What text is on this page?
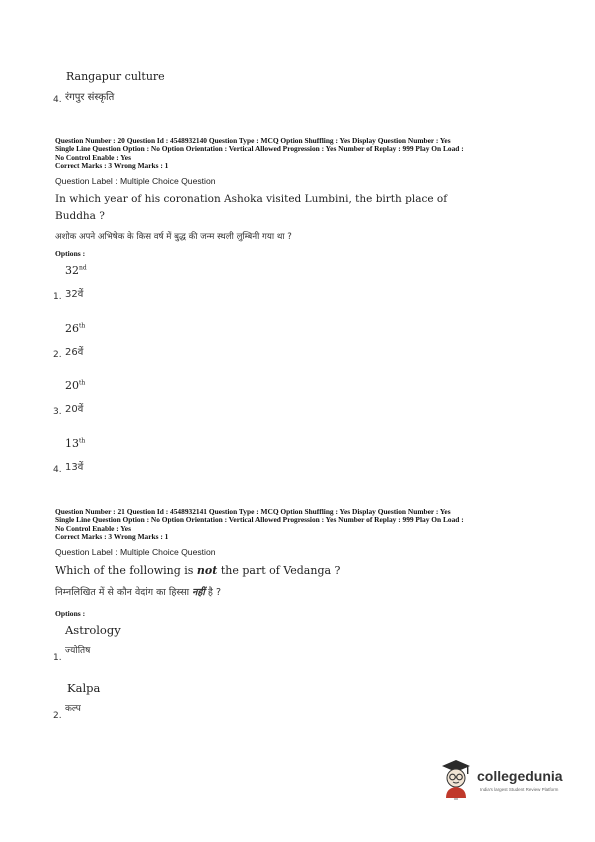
Rangapur culture
4. रंगपुर संस्कृति
Question Number : 20 Question Id : 4548932140 Question Type : MCQ Option Shuffling : Yes Display Question Number : Yes
Single Line Question Option : No Option Orientation : Vertical Allowed Progression : Yes Number of Replay : 999 Play On Load :
No Control Enable : Yes
Correct Marks : 3 Wrong Marks : 1
Question Label : Multiple Choice Question
In which year of his coronation Ashoka visited Lumbini, the birth place of
Buddha ?
अशोक अपने अभिषेक के किस वर्ष में बुद्ध की जन्म स्थली लुम्बिनी गया था ?
Options :
32nd
1. 32वें
26th
2. 26वें
20th
3. 20वें
13th
4. 13वें
Question Number : 21 Question Id : 4548932141 Question Type : MCQ Option Shuffling : Yes Display Question Number : Yes
Single Line Question Option : No Option Orientation : Vertical Allowed Progression : Yes Number of Replay : 999 Play On Load :
No Control Enable : Yes
Correct Marks : 3 Wrong Marks : 1
Question Label : Multiple Choice Question
Which of the following is not the part of Vedanga ?
निम्नलिखित में से कौन वेदांग का हिस्सा नहीं है ?
Options :
Astrology
1.
ज्योतिष
Kalpa
2.
कल्प
collegedunia
India's largest Student Review Platform
